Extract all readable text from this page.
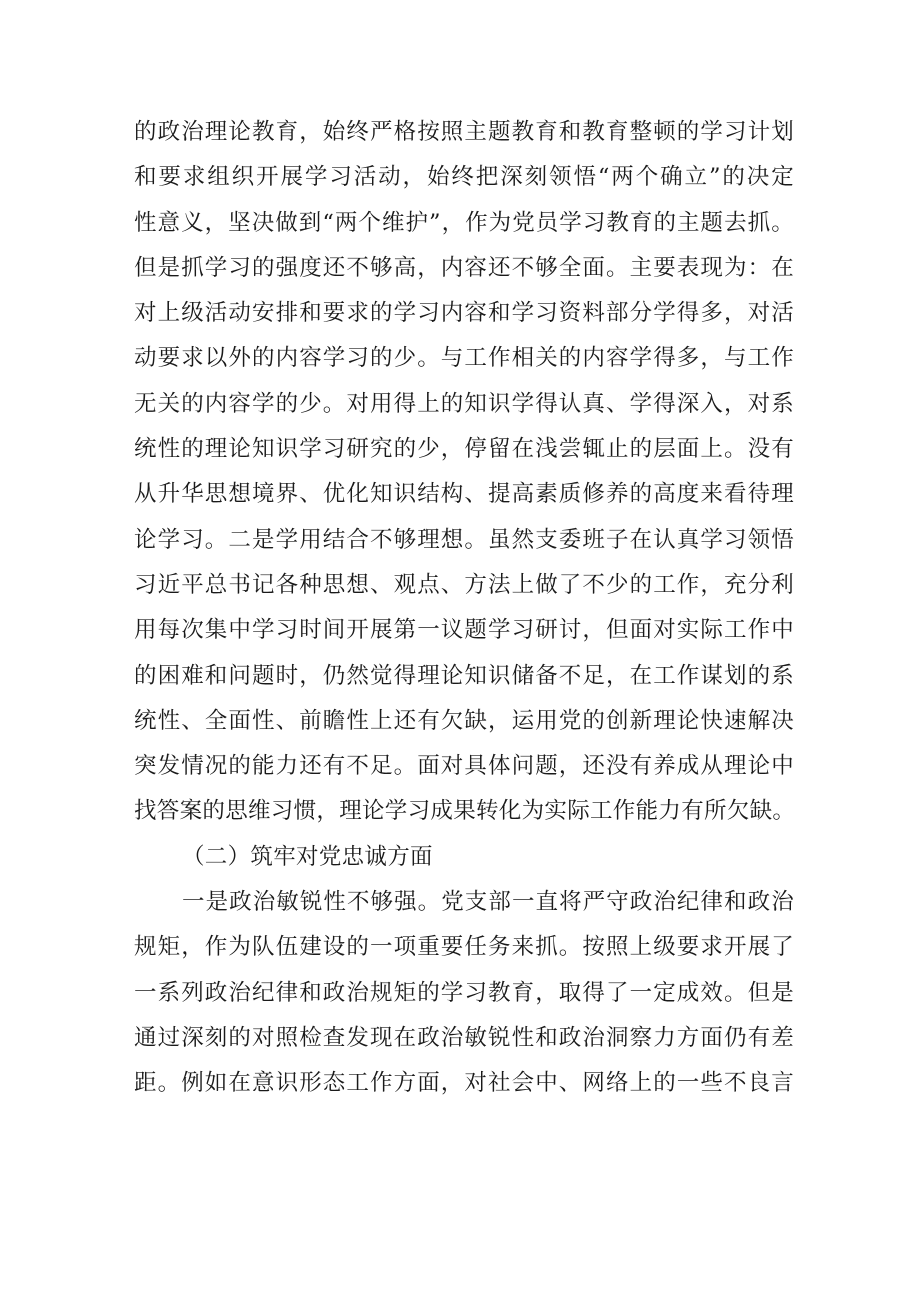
的政治理论教育，始终严格按照主题教育和教育整顿的学习计划
和要求组织开展学习活动，始终把深刻领悟“两个确立”的决定
性意义，坚决做到“两个维护”，作为党员学习教育的主题去抓。
但是抓学习的强度还不够高，内容还不够全面。主要表现为：在
对上级活动安排和要求的学习内容和学习资料部分学得多，对活
动要求以外的内容学习的少。与工作相关的内容学得多，与工作
无关的内容学的少。对用得上的知识学得认真、学得深入，对系
统性的理论知识学习研究的少，停留在浅尝辄止的层面上。没有
从升华思想境界、优化知识结构、提高素质修养的高度来看待理
论学习。二是学用结合不够理想。虽然支委班子在认真学习领悟
习近平总书记各种思想、观点、方法上做了不少的工作，充分利
用每次集中学习时间开展第一议题学习研讨，但面对实际工作中
的困难和问题时，仍然觉得理论知识储备不足，在工作谋划的系
统性、全面性、前瞻性上还有欠缺，运用党的创新理论快速解决
突发情况的能力还有不足。面对具体问题，还没有养成从理论中
找答案的思维习惯，理论学习成果转化为实际工作能力有所欠缺。
（二）筑牢对党忠诚方面
一是政治敏锐性不够强。党支部一直将严守政治纪律和政治
规矩，作为队伍建设的一项重要任务来抓。按照上级要求开展了
一系列政治纪律和政治规矩的学习教育，取得了一定成效。但是
通过深刻的对照检查发现在政治敏锐性和政治洞察力方面仍有差
距。例如在意识形态工作方面，对社会中、网络上的一些不良言
